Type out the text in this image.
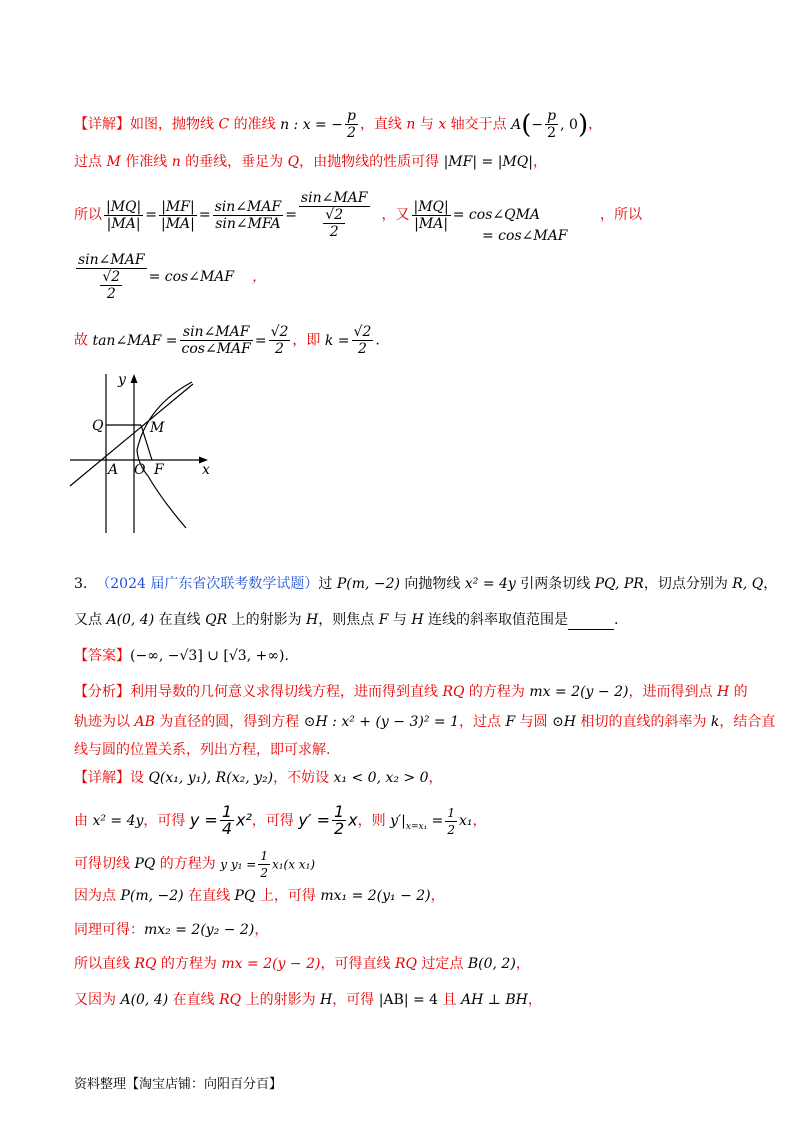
【详解】如图，抛物线 C 的准线 n : x = − $\frac{p}{2}$ ，直线 n 与 x 轴交于点 $A(- \frac{p}{2}$ , 0)，
过点 M 作准线 n 的垂线，垂足为 Q，由抛物线的性质可得 |MF| = |MQ|，
所以 $\frac{|MQ|}{|MA|} = \frac{|MF|}{|MA|} = \frac{\text{sin∠MAF}}{\text{sin∠MFA}} = \frac{\text{sin∠MAF}}{\frac{√2}{2}}$ ，又 $\frac{|MQ|}{|MA|}$ = cos∠QMA	，所以
= cos∠MAF
$\frac{\text{sin∠MAF}}{\frac{√2}{2}}$ = cos∠MAF ，
故 tan∠MAF = $\frac{\text{sin∠MAF}}{\text{cos∠MAF}} = \frac{√2}{2}$ ，即 $k = \frac{√2}{2}$ .
y
x
Q	M
A O F
3. （2024 届广东省次联考数学试题）过 P(m, −2) 向抛物线 x² = 4y 引两条切线 PQ, PR，切点分别为 R, Q，
又点 A(0, 4) 在直线 QR 上的射影为 H，则焦点 F 与 H 连线的斜率取值范围是	.
【答案】(−∞, −√3] ∪ [√3, +∞).
【分析】利用导数的几何意义求得切线方程，进而得到直线 RQ 的方程为 mx = 2(y − 2)，进而得到点 H 的
轨迹为以 AB 为直径的圆，得到方程 ⊙H : x² + (y − 3)² = 1，过点 F 与圆 ⊙H 相切的直线的斜率为 k，结合直
线与圆的位置关系，列出方程，即可求解.
【详解】设 Q(x₁, y₁), R(x₂, y₂)，不妨设 x₁ < 0, x₂ > 0，
由 x² = 4y，可得 $y = \frac{1}{4} x^2$，可得 $y' = \frac{1}{2}$ x，则 $y'|_{x=x_1} = \frac{1}{2} x_1$，
可得切线 PQ 的方程为 y $y_1 = \frac{1}{2} x_1(x$ x₁)
因为点 P(m, −2) 在直线 PQ 上，可得 mx₁ = 2(y₁ − 2)，
同理可得：mx₂ = 2(y₂ − 2)，
所以直线 RQ 的方程为 mx = 2(y − 2)，可得直线 RQ 过定点 B(0, 2)，
又因为 A(0, 4) 在直线 RQ 上的射影为 H，可得 |AB| = 4 且 AH ⊥ BH，
资料整理【淘宝店铺：向阳百分百】
